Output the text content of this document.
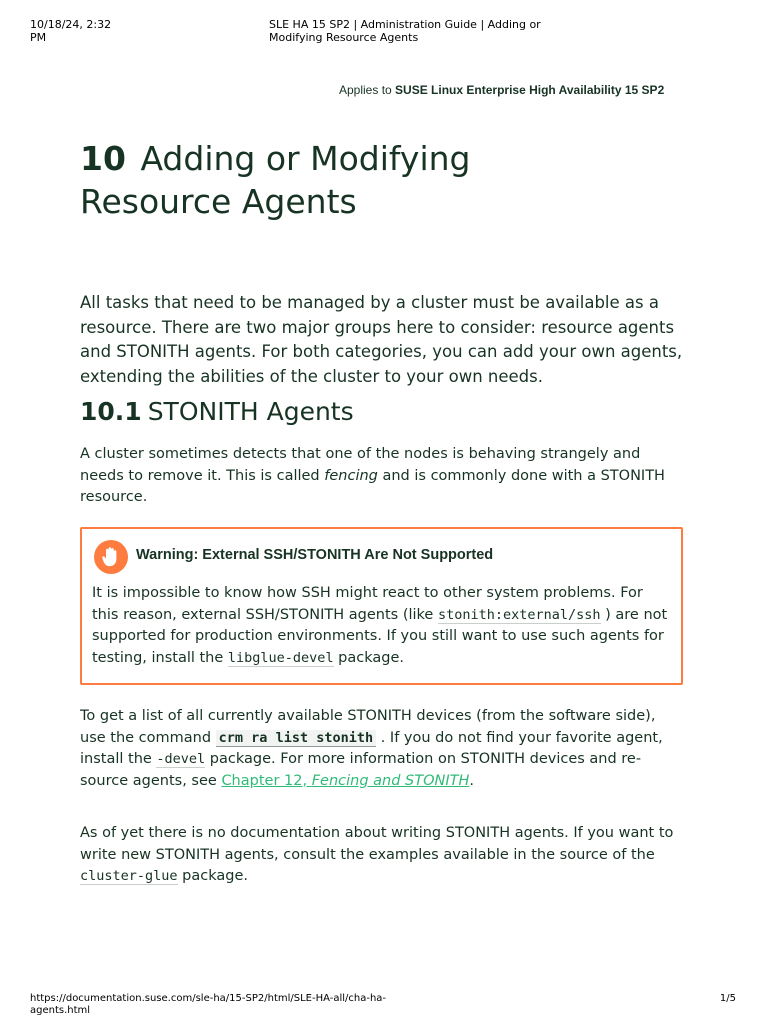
10/18/24, 2:32 PM
SLE HA 15 SP2 | Administration Guide | Adding or Modifying Resource Agents
Applies to SUSE Linux Enterprise High Availability 15 SP2
10 Adding or Modifying Resource Agents

All tasks that need to be managed by a cluster must be available as a resource. There are two major groups here to consider: resource agents and STONITH agents. For both categories, you can add your own agents, extending the abilities of the cluster to your own needs.

10.1 STONITH Agents

A cluster sometimes detects that one of the nodes is behaving strangely and needs to remove it. This is called fencing and is commonly done with a STONITH resource.

Warning: External SSH/STONITH Are Not Supported

It is impossible to know how SSH might react to other system problems. For this reason, external SSH/STONITH agents (like stonith:external/ssh ) are not supported for production environments. If you still want to use such agents for testing, install the libglue-devel package.

To get a list of all currently available STONITH devices (from the software side), use the command crm ra list stonith . If you do not find your favorite agent, install the -devel package. For more information on STONITH devices and re- source agents, see Chapter 12, Fencing and STONITH.

As of yet there is no documentation about writing STONITH agents. If you want to write new STONITH agents, consult the examples available in the source of the cluster-glue package.

https://documentation.suse.com/sle-ha/15-SP2/html/SLE-HA-all/cha-ha-agents.html
1/5
